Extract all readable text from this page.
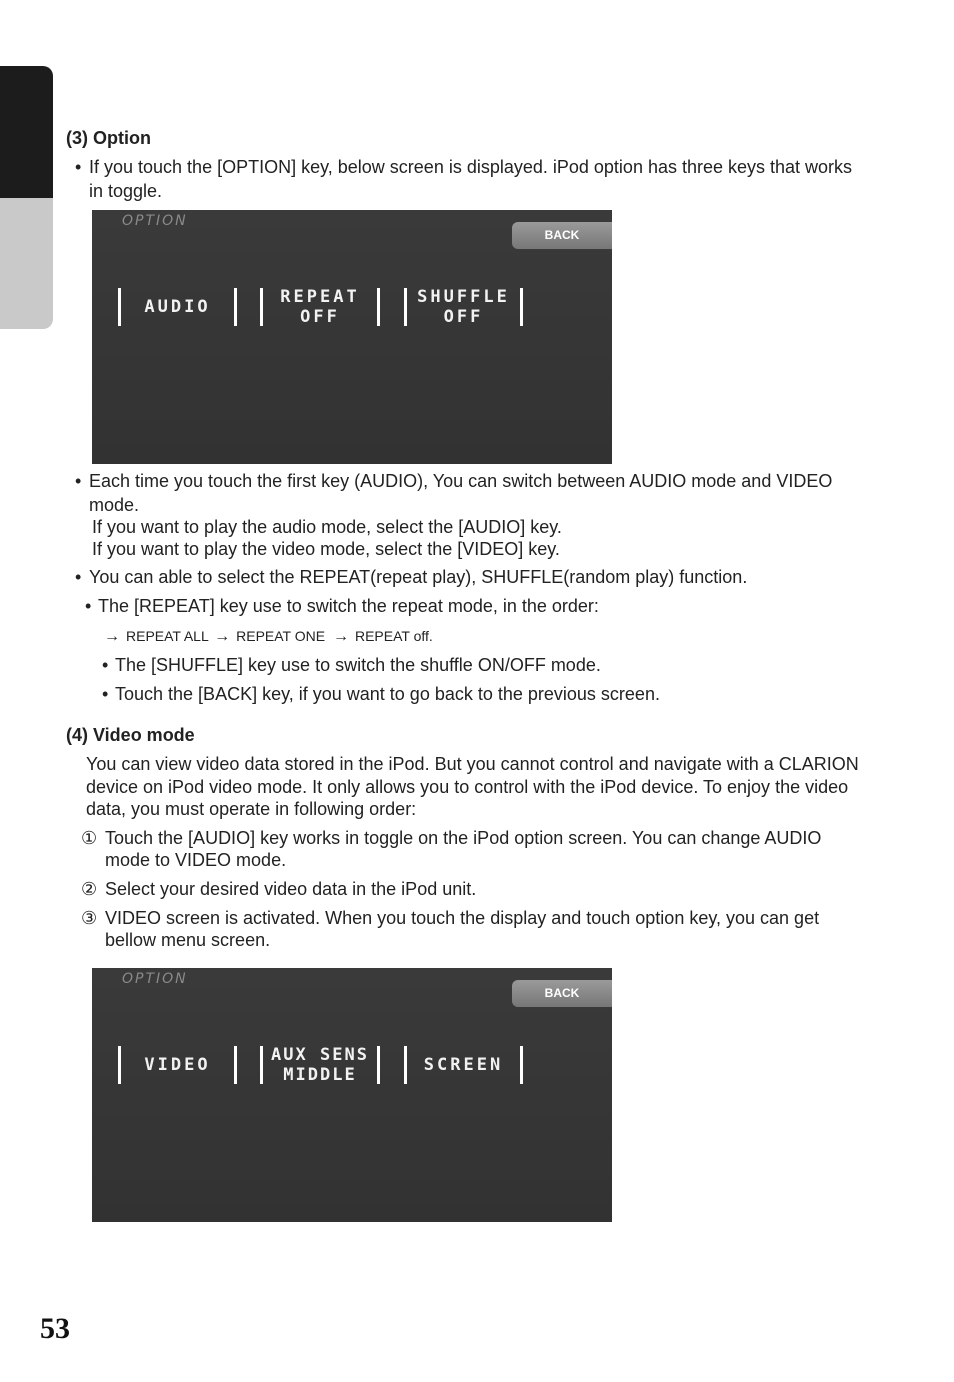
(3) Option
• If you touch the [OPTION] key, below screen is displayed. iPod option has three keys that works
in toggle.
OPTION
BACK
AUDIO	REPEAT
OFF
SHUFFLE
OFF
• Each time you touch the first key (AUDIO), You can switch between AUDIO mode and VIDEO
mode.
If you want to play the audio mode, select the [AUDIO] key.
If you want to play the video mode, select the [VIDEO] key.
• You can able to select the REPEAT(repeat play), SHUFFLE(random play) function.
• The [REPEAT] key use to switch the repeat mode, in the order:
→ REPEAT ALL → REPEAT ONE → REPEAT off.
• The [SHUFFLE] key use to switch the shuffle ON/OFF mode.
• Touch the [BACK] key, if you want to go back to the previous screen.
(4) Video mode
You can view video data stored in the iPod. But you cannot control and navigate with a CLARION
device on iPod video mode. It only allows you to control with the iPod device. To enjoy the video
data, you must operate in following order:
① Touch the [AUDIO] key works in toggle on the iPod option screen. You can change AUDIO
mode to VIDEO mode.
② Select your desired video data in the iPod unit.
③ VIDEO screen is activated. When you touch the display and touch option key, you can get
bellow menu screen.
OPTION
BACK
VIDEO	AUX SENS
MIDDLE	SCREEN
53
